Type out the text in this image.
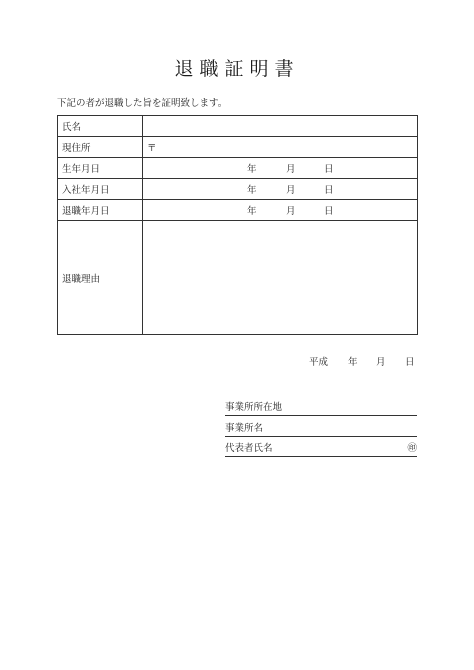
退職証明書
下記の者が退職した旨を証明致します。
氏名	
現住所	〒
生年月日	年 月 日

入社年月日	年 月 日

退職年月日	年 月 日

退職理由	
平成 年 月 日
事業所所在地
事業所名
代表者氏名	㊞
